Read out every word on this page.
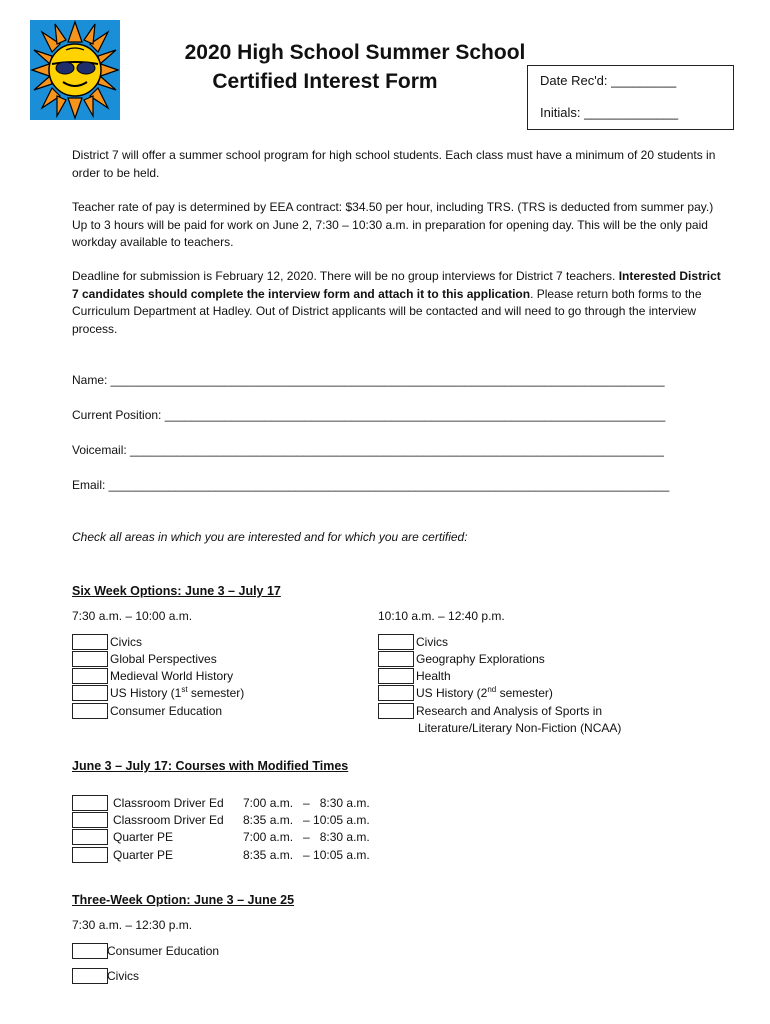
2020 High School Summer School
Certified Interest Form	Date Rec'd: _________
Initials: _____________
District 7 will offer a summer school program for high school students. Each class must have a minimum of 20 students in order to be held.
Teacher rate of pay is determined by EEA contract: $34.50 per hour, including TRS. (TRS is deducted from summer pay.) Up to 3 hours will be paid for work on June 2, 7:30 – 10:30 a.m. in preparation for opening day. This will be the only paid workday available to teachers.
Deadline for submission is February 12, 2020. There will be no group interviews for District 7 teachers. Interested District 7 candidates should complete the interview form and attach it to this application. Please return both forms to the Curriculum Department at Hadley. Out of District applicants will be contacted and will need to go through the interview process.
Name: ___________________________________________________________________________________
Current Position: ___________________________________________________________________________
Voicemail: ________________________________________________________________________________
Email: ____________________________________________________________________________________
Check all areas in which you are interested and for which you are certified:
Six Week Options: June 3 – July 17
7:30 a.m. – 10:00 a.m.	10:10 a.m. – 12:40 p.m.
Civics
Global Perspectives
Medieval World History
US History (1st semester)
Consumer Education
Civics
Geography Explorations
Health
US History (2nd semester)
Research and Analysis of Sports in
Literature/Literary Non-Fiction (NCAA)
June 3 – July 17: Courses with Modified Times
Classroom Driver Ed 7:00 a.m.   –   8:30 a.m.
Classroom Driver Ed 8:35 a.m.   – 10:05 a.m.
Quarter PE	7:00 a.m.   –   8:30 a.m.
Quarter PE	8:35 a.m.   – 10:05 a.m.
Three-Week Option: June 3 – June 25
7:30 a.m. – 12:30 p.m.
Consumer Education
Civics
